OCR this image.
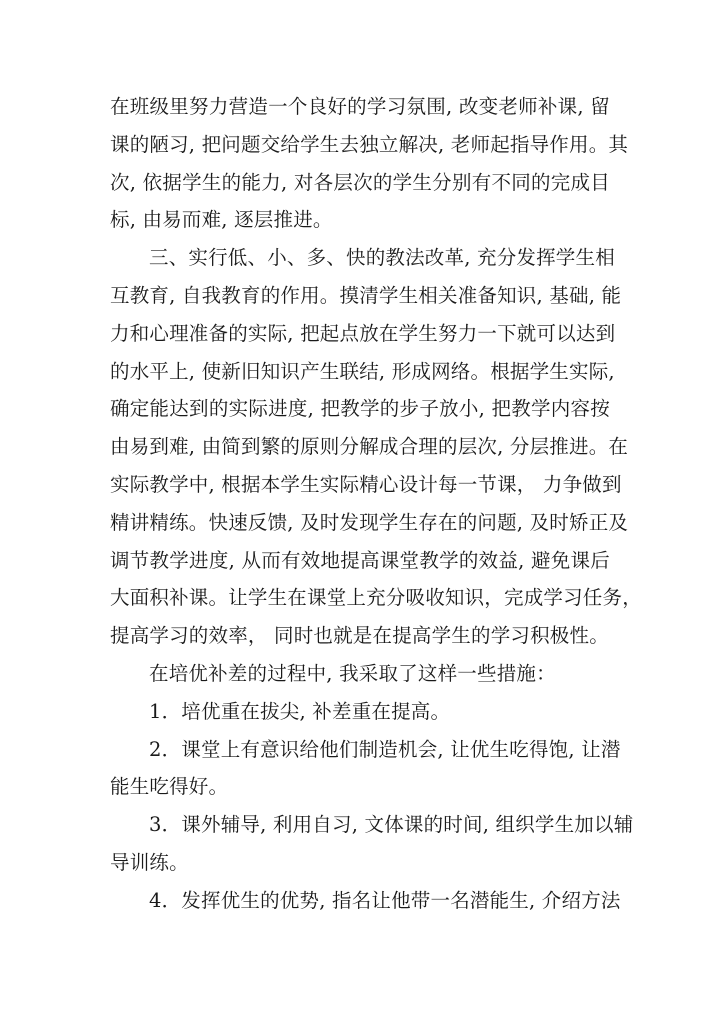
在班级里努力营造一个良好的学习氛围, 改变老师补课, 留
课的陋习, 把问题交给学生去独立解决, 老师起指导作用。其
次, 依据学生的能力, 对各层次的学生分别有不同的完成目
标, 由易而难, 逐层推进。
三、实行低、小、多、快的教法改革, 充分发挥学生相
互教育, 自我教育的作用。摸清学生相关准备知识, 基础, 能
力和心理准备的实际, 把起点放在学生努力一下就可以达到
的水平上, 使新旧知识产生联结, 形成网络。根据学生实际,
确定能达到的实际进度, 把教学的步子放小, 把教学内容按
由易到难, 由简到繁的原则分解成合理的层次, 分层推进。在
实际教学中, 根据本学生实际精心设计每一节课， 力争做到
精讲精练。快速反馈, 及时发现学生存在的问题, 及时矫正及
调节教学进度, 从而有效地提高课堂教学的效益, 避免课后
大面积补课。让学生在课堂上充分吸收知识，完成学习任务，
提高学习的效率， 同时也就是在提高学生的学习积极性。
在培优补差的过程中, 我采取了这样一些措施：
1．培优重在拔尖, 补差重在提高。
2．课堂上有意识给他们制造机会, 让优生吃得饱, 让潜
能生吃得好。
3．课外辅导, 利用自习, 文体课的时间, 组织学生加以辅
导训练。
4．发挥优生的优势, 指名让他带一名潜能生, 介绍方法
